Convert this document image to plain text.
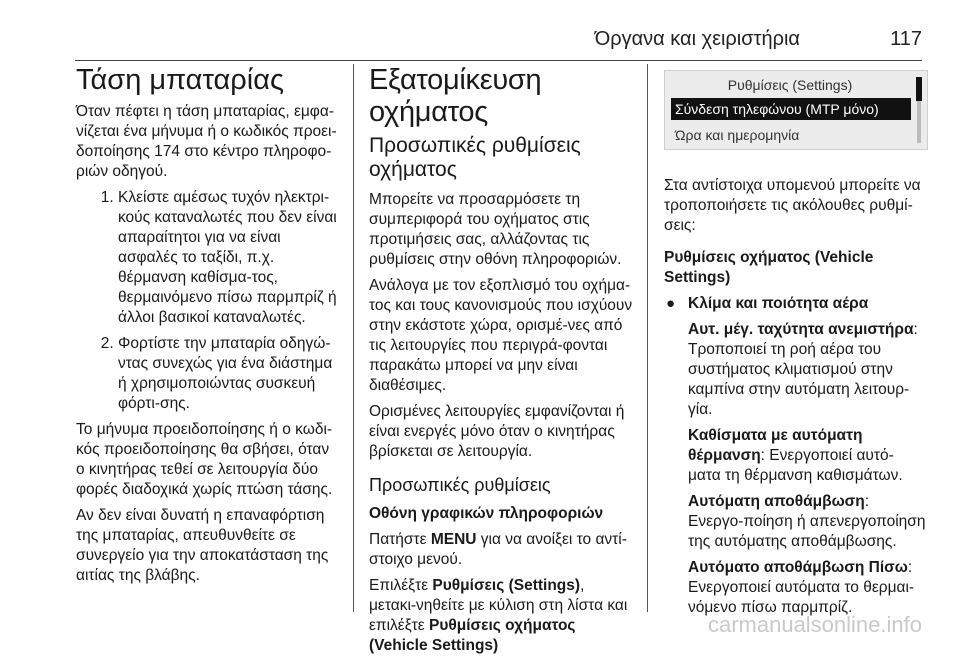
Όργανα και χειριστήρια	117
Τάση μπαταρίας

Όταν πέφτει η τάση μπαταρίας, εμφα-νίζεται ένα μήνυμα ή ο κωδικός προει-δοποίησης 174 στο κέντρο πληροφο-ριών οδηγού.

1. Κλείστε αμέσως τυχόν ηλεκτρι-κούς καταναλωτές που δεν είναι απαραίτητοι για να είναι ασφαλές το ταξίδι, π.χ. θέρμανση καθίσμα-τος, θερμαινόμενο πίσω παρμπρίζ ή άλλοι βασικοί καταναλωτές.
2. Φορτίστε την μπαταρία οδηγώ-ντας συνεχώς για ένα διάστημα ή χρησιμοποιώντας συσκευή φόρτι-σης.

Το μήνυμα προειδοποίησης ή ο κωδι-κός προειδοποίησης θα σβήσει, όταν ο κινητήρας τεθεί σε λειτουργία δύο φορές διαδοχικά χωρίς πτώση τάσης.

Αν δεν είναι δυνατή η επαναφόρτιση της μπαταρίας, απευθυνθείτε σε συνεργείο για την αποκατάσταση της αιτίας της βλάβης.

Εξατομίκευση οχήματος
Προσωπικές ρυθμίσεις οχήματος

Μπορείτε να προσαρμόσετε τη συμπεριφορά του οχήματος στις προτιμήσεις σας, αλλάζοντας τις ρυθμίσεις στην οθόνη πληροφοριών.

Ανάλογα με τον εξοπλισμό του οχήμα-τος και τους κανονισμούς που ισχύουν στην εκάστοτε χώρα, ορισμέ-νες από τις λειτουργίες που περιγρά-φονται παρακάτω μπορεί να μην είναι διαθέσιμες.

Ορισμένες λειτουργίες εμφανίζονται ή είναι ενεργές μόνο όταν ο κινητήρας βρίσκεται σε λειτουργία.

Προσωπικές ρυθμίσεις

Οθόνη γραφικών πληροφοριών

Πατήστε MENU για να ανοίξει το αντί-στοιχο μενού.

Επιλέξτε Ρυθμίσεις (Settings), μετακι-νηθείτε με κύλιση στη λίστα και επιλέξτε Ρυθμίσεις οχήματος (Vehicle Settings)

Ρυθμίσεις (Settings)
Σύνδεση τηλεφώνου (MTP μόνο)
Ώρα και ημερομηνία

Στα αντίστοιχα υπομενού μπορείτε να τροποποιήσετε τις ακόλουθες ρυθμί-σεις:

Ρυθμίσεις οχήματος (Vehicle Settings)

● Κλίμα και ποιότητα αέρα

Αυτ. μέγ. ταχύτητα ανεμιστήρα: Τροποποιεί τη ροή αέρα του συστήματος κλιματισμού στην καμπίνα στην αυτόματη λειτουρ-γία.

Καθίσματα με αυτόματη θέρμανση: Ενεργοποιεί αυτό-ματα τη θέρμανση καθισμάτων.

Αυτόματη αποθάμβωση: Ενεργο-ποίηση ή απενεργοποίηση της αυτόματης αποθάμβωσης.

Αυτόματο αποθάμβωση Πίσω: Ενεργοποιεί αυτόματα το θερμαι-νόμενο πίσω παρμπρίζ.

carmanualsonline.info
